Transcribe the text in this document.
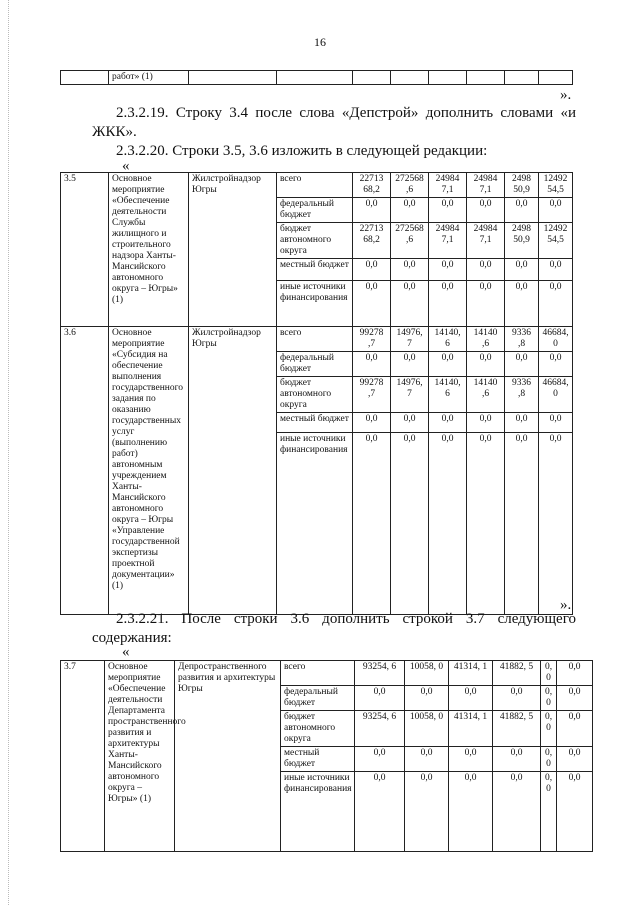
16
	работ» (1)								
».
2.3.2.19. Строку 3.4 после слова «Депстрой» дополнить словами «и ЖКК».
2.3.2.20. Строки 3.5, 3.6 изложить в следующей редакции:
«
3.5	Основное мероприятие «Обеспечение деятельности Службы жилищного и строительного надзора Ханты-Мансийского автономного округа – Югры» (1)	Жилстройнадзор Югры	всего	22713 68,2	272568 ,6	24984 7,1	24984 7,1	2498 50,9	12492 54,5
			федеральный бюджет	0,0	0,0	0,0	0,0	0,0	0,0
			бюджет автономного округа	22713 68,2	272568 ,6	24984 7,1	24984 7,1	2498 50,9	12492 54,5
			местный бюджет	0,0	0,0	0,0	0,0	0,0	0,0
			иные источники финансирования	0,0	0,0	0,0	0,0	0,0	0,0
3.6	Основное мероприятие «Субсидия на обеспечение выполнения государственного задания по оказанию государственных услуг (выполнению работ) автономным учреждением Ханты-Мансийского автономного округа – Югры «Управление государственной экспертизы проектной документации» (1)	Жилстройнадзор Югры	всего	99278 ,7	14976, 7	14140, 6	14140 ,6	9336 ,8	46684, 0
			федеральный бюджет	0,0	0,0	0,0	0,0	0,0	0,0
			бюджет автономного округа	99278 ,7	14976, 7	14140, 6	14140 ,6	9336 ,8	46684, 0
			местный бюджет	0,0	0,0	0,0	0,0	0,0	0,0
			иные источники финансирования	0,0	0,0	0,0	0,0	0,0	0,0
».
2.3.2.21. После строки 3.6 дополнить строкой 3.7 следующего содержания:
«
3.7	Основное мероприятие «Обеспечение деятельности Департамента пространственного развития и архитектуры Ханты-Мансийского автономного округа – Югры» (1)	Депространственного развития и архитектуры Югры	всего	93254, 6	10058, 0	41314, 1	41882, 5	0, 0	0,0
			федеральный бюджет	0,0	0,0	0,0	0,0	0, 0	0,0
			бюджет автономного округа	93254, 6	10058, 0	41314, 1	41882, 5	0, 0	0,0
			местный бюджет	0,0	0,0	0,0	0,0	0, 0	0,0
			иные источники финансирования	0,0	0,0	0,0	0,0	0, 0	0,0
